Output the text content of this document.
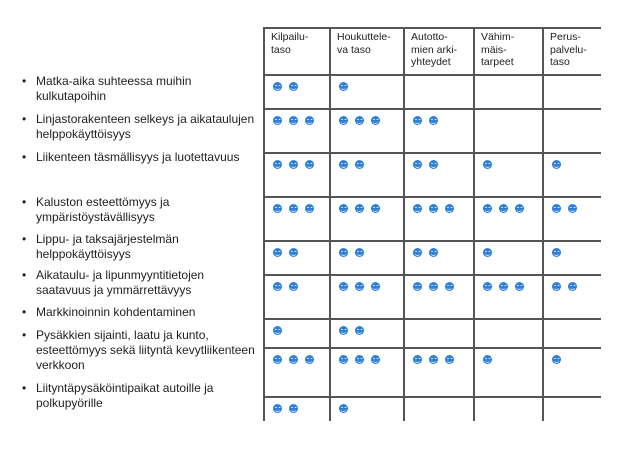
• Matka-aika suhteessa muihin kulkutapoihin
• Linjastorakenteen selkeys ja aikataulujen helppokäyttöisyys
• Liikenteen täsmällisyys ja luotettavuus
• Kaluston esteettömyys ja ympäristöystävällisyys
• Lippu- ja taksajärjestelmän helppokäyttöisyys
• Aikataulu- ja lipunmyyntitietojen saatavuus ja ymmärrettävyys
• Markkinoinnin kohdentaminen
• Pysäkkien sijainti, laatu ja kunto, esteettömyys sekä liityntä kevytliikenteen verkkoon
• Liityntäpysäköintipaikat autoille ja polkupyörille
Kilpailu-
taso
Houkuttele-
va taso
Autotto-
mien arki-
yhteydet
Vähim-
mäis-
tarpeet
Perus-
palvelu-
taso
